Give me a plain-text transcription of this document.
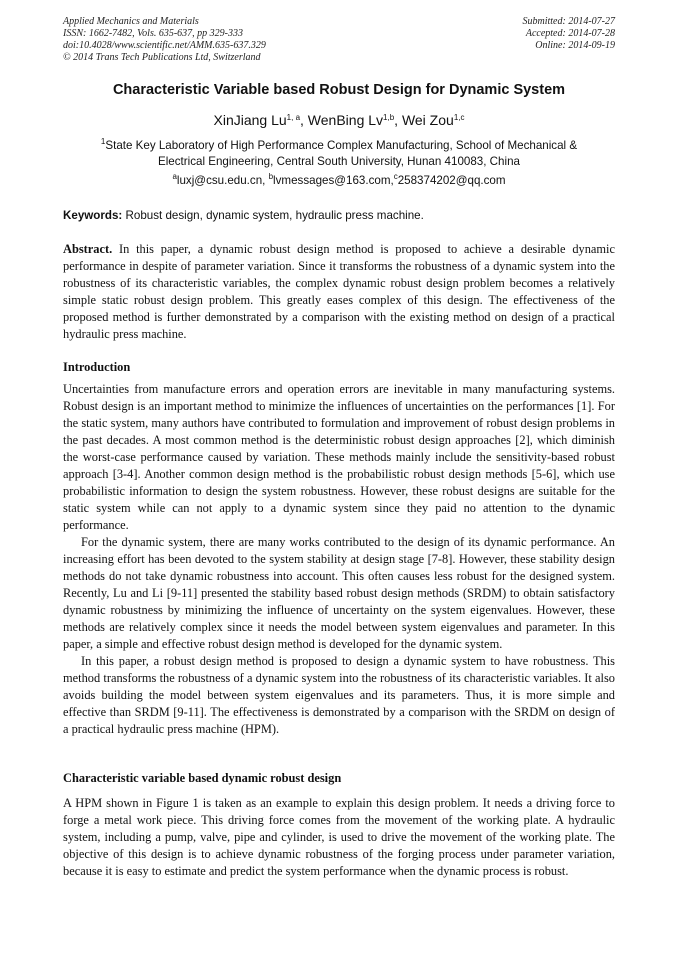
Applied Mechanics and Materials
ISSN: 1662-7482, Vols. 635-637, pp 329-333
doi:10.4028/www.scientific.net/AMM.635-637.329
© 2014 Trans Tech Publications Ltd, Switzerland
Submitted: 2014-07-27
Accepted: 2014-07-28
Online: 2014-09-19
Characteristic Variable based Robust Design for Dynamic System
XinJiang Lu$^{1, a}$, WenBing Lv$^{1,b}$, Wei Zou$^{1,c}$
$^1$State Key Laboratory of High Performance Complex Manufacturing, School of Mechanical &
Electrical Engineering, Central South University, Hunan 410083, China
$^a$luxj@csu.edu.cn, $^b$lvmessages@163.com,$^c$258374202@qq.com
Keywords: Robust design, dynamic system, hydraulic press machine.

Abstract. In this paper, a dynamic robust design method is proposed to achieve a desirable dynamic performance in despite of parameter variation. Since it transforms the robustness of a dynamic system into the robustness of its characteristic variables, the complex dynamic robust design problem becomes a relatively simple static robust design problem. This greatly eases complex of this design. The effectiveness of the proposed method is further demonstrated by a comparison with the existing method on design of a practical hydraulic press machine.

Introduction

Uncertainties from manufacture errors and operation errors are inevitable in many manufacturing systems. Robust design is an important method to minimize the influences of uncertainties on the performances [1]. For the static system, many authors have contributed to formulation and improvement of robust design problems in the past decades. A most common method is the deterministic robust design approaches [2], which diminish the worst-case performance caused by variation. These methods mainly include the sensitivity-based robust approach [3-4]. Another common design method is the probabilistic robust design methods [5-6], which use probabilistic information to design the system robustness. However, these robust designs are suitable for the static system while can not apply to a dynamic system since they paid no attention to the dynamic performance.

For the dynamic system, there are many works contributed to the design of its dynamic performance. An increasing effort has been devoted to the system stability at design stage [7-8]. However, these stability design methods do not take dynamic robustness into account. This often causes less robust for the designed system. Recently, Lu and Li [9-11] presented the stability based robust design methods (SRDM) to obtain satisfactory dynamic robustness by minimizing the influence of uncertainty on the system eigenvalues. However, these methods are relatively complex since it needs the model between system eigenvalues and parameter. In this paper, a simple and effective robust design method is developed for the dynamic system.

In this paper, a robust design method is proposed to design a dynamic system to have robustness. This method transforms the robustness of a dynamic system into the robustness of its characteristic variables. It also avoids building the model between system eigenvalues and its parameters. Thus, it is more simple and effective than SRDM [9-11]. The effectiveness is demonstrated by a comparison with the SRDM on design of a practical hydraulic press machine (HPM).

Characteristic variable based dynamic robust design

A HPM shown in Figure 1 is taken as an example to explain this design problem. It needs a driving force to forge a metal work piece. This driving force comes from the movement of the working plate. A hydraulic system, including a pump, valve, pipe and cylinder, is used to drive the movement of the working plate. The objective of this design is to achieve dynamic robustness of the forging process under parameter variation, because it is easy to estimate and predict the system performance when the dynamic process is robust.
